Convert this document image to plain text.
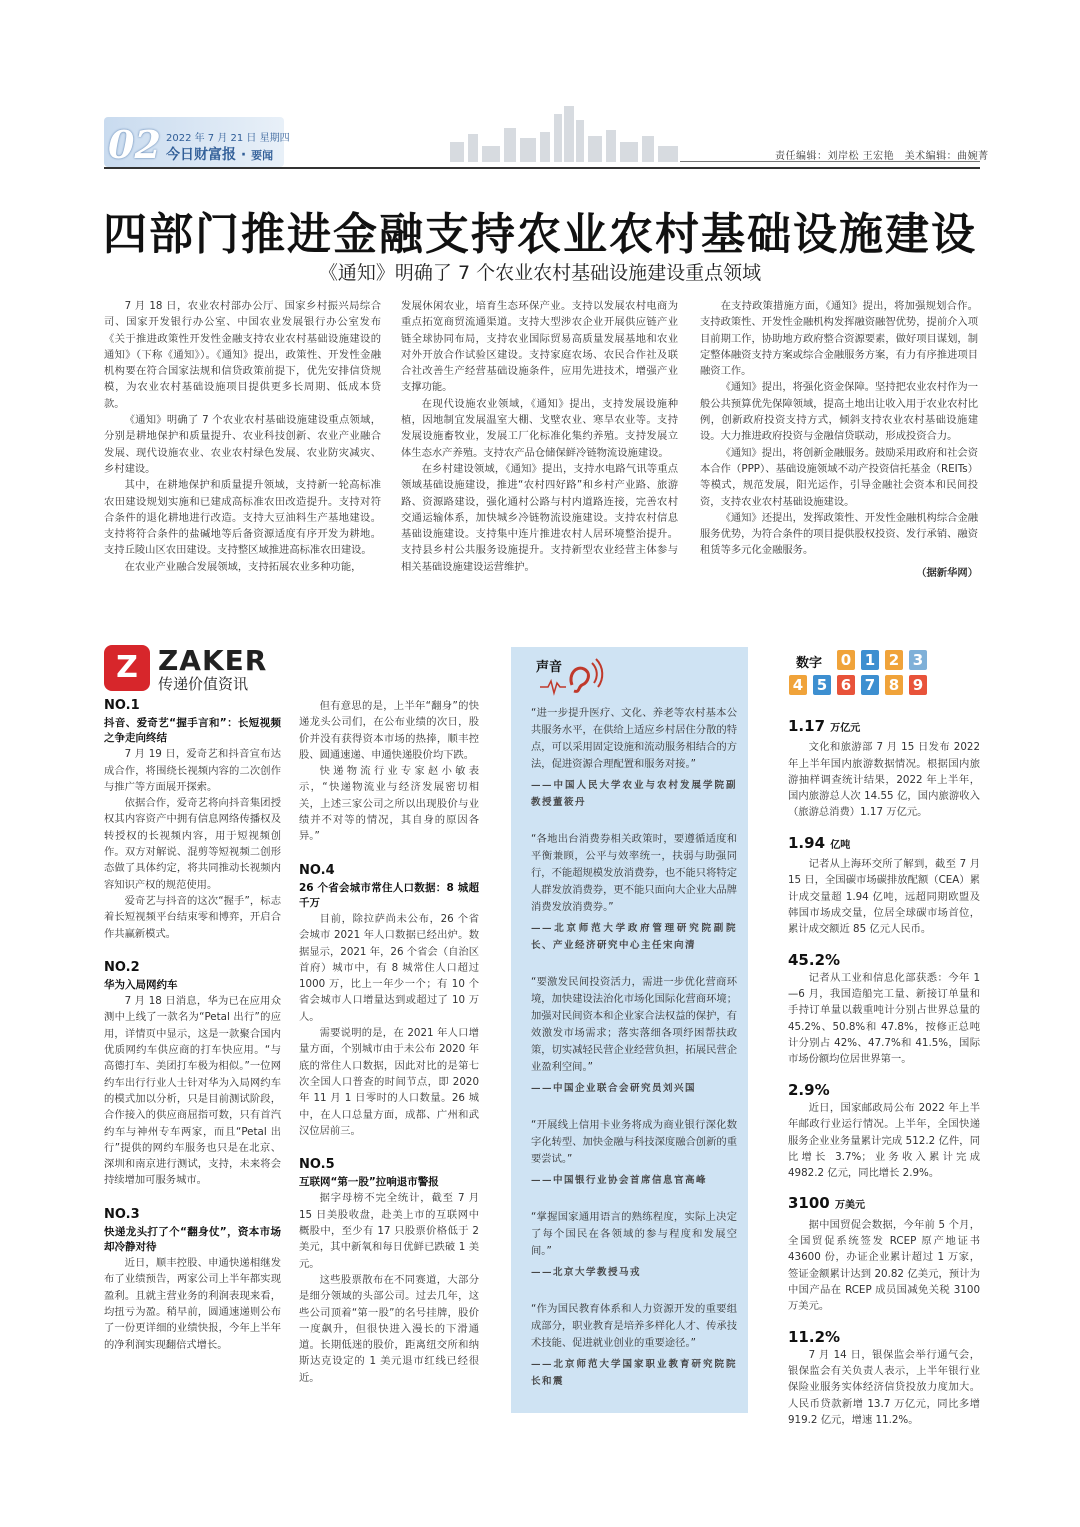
02 2022 年 7 月 21 日 星期四
今日财富报 · 要闻	责任编辑：刘岸松 王宏艳　美术编辑：曲婉菁
四部门推进金融支持农业农村基础设施建设
《通知》明确了 7 个农业农村基础设施建设重点领域

7 月 18 日，农业农村部办公厅、国家乡村振兴局综合司、国家开发银行办公室、中国农业发展银行办公室发布《关于推进政策性开发性金融支持农业农村基础设施建设的通知》（下称《通知》）。《通知》提出，政策性、开发性金融机构要在符合国家法规和信贷政策前提下，优先安排信贷规模，为农业农村基础设施项目提供更多长周期、低成本贷款。

《通知》明确了 7 个农业农村基础设施建设重点领域，分别是耕地保护和质量提升、农业科技创新、农业产业融合发展、现代设施农业、农业农村绿色发展、农业防灾减灾、乡村建设。

其中，在耕地保护和质量提升领域，支持新一轮高标准农田建设规划实施和已建成高标准农田改造提升。支持对符合条件的退化耕地进行改造。支持大豆油料生产基地建设。支持将符合条件的盐碱地等后备资源适度有序开发为耕地。支持丘陵山区农田建设。支持整区域推进高标准农田建设。

在农业产业融合发展领域，支持拓展农业多种功能，

发展休闲农业，培育生态环保产业。支持以发展农村电商为重点拓宽商贸流通渠道。支持大型涉农企业开展供应链产业链全球协同布局，支持农业国际贸易高质量发展基地和农业对外开放合作试验区建设。支持家庭农场、农民合作社及联合社改善生产经营基础设施条件，应用先进技术，增强产业支撑功能。

在现代设施农业领域，《通知》提出，支持发展设施种植，因地制宜发展温室大棚、戈壁农业、寒旱农业等。支持发展设施畜牧业，发展工厂化标准化集约养殖。支持发展立体生态水产养殖。支持农产品仓储保鲜冷链物流设施建设。

在乡村建设领域，《通知》提出，支持水电路气讯等重点领域基础设施建设，推进“农村四好路”和乡村产业路、旅游路、资源路建设，强化通村公路与村内道路连接，完善农村交通运输体系，加快城乡冷链物流设施建设。支持农村信息基础设施建设。支持集中连片推进农村人居环境整治提升。支持县乡村公共服务设施提升。支持新型农业经营主体参与相关基础设施建设运营维护。

在支持政策措施方面，《通知》提出，将加强规划合作。支持政策性、开发性金融机构发挥融资融智优势，提前介入项目前期工作，协助地方政府整合资源要素，做好项目谋划，制定整体融资支持方案或综合金融服务方案，有力有序推进项目融资工作。

《通知》提出，将强化资金保障。坚持把农业农村作为一般公共预算优先保障领域，提高土地出让收入用于农业农村比例，创新政府投资支持方式，倾斜支持农业农村基础设施建设。大力推进政府投资与金融信贷联动，形成投资合力。

《通知》提出，将创新金融服务。鼓励采用政府和社会资本合作（PPP）、基础设施领域不动产投资信托基金（REITs）等模式，规范发展，阳光运作，引导金融社会资本和民间投资，支持农业农村基础设施建设。

《通知》还提出，发挥政策性、开发性金融机构综合金融服务优势，为符合条件的项目提供股权投资、发行承销、融资租赁等多元化金融服务。

（据新华网）
Z ZAKER
传递价值资讯
NO.1
抖音、爱奇艺“握手言和”：长短视频之争走向终结

7 月 19 日，爱奇艺和抖音宣布达成合作，将围绕长视频内容的二次创作与推广等方面展开探索。

依据合作，爱奇艺将向抖音集团授权其内容资产中拥有信息网络传播权及转授权的长视频内容，用于短视频创作。双方对解说、混剪等短视频二创形态做了具体约定，将共同推动长视频内容知识产权的规范使用。

爱奇艺与抖音的这次“握手”，标志着长短视频平台结束零和博弈，开启合作共赢新模式。

NO.2
华为入局网约车

7 月 18 日消息，华为已在应用众测中上线了一款名为“Petal 出行”的应用，详情页中显示，这是一款聚合国内优质网约车供应商的打车快应用。“与高德打车、美团打车极为相似。”一位网约车出行行业人士针对华为入局网约车的模式加以分析，只是目前测试阶段，合作接入的供应商屈指可数，只有首汽约车与神州专车两家，而且“Petal 出行”提供的网约车服务也只是在北京、深圳和南京进行测试，支持，未来将会持续增加可服务城市。

NO.3
快递龙头打了个“翻身仗”，资本市场却冷静对待

近日，顺丰控股、申通快递相继发布了业绩预告，两家公司上半年都实现盈利。且就主营业务的利润表现来看，均扭亏为盈。稍早前，圆通速递则公布了一份更详细的业绩快报，今年上半年的净利润实现翻倍式增长。

但有意思的是，上半年“翻身”的快递龙头公司们，在公布业绩的次日，股价并没有获得资本市场的热捧，顺丰控股、圆通速递、申通快递股价均下跌。

快递物流行业专家赵小敏表示，“快递物流业与经济发展密切相关，上述三家公司之所以出现股价与业绩并不对等的情况，其自身的原因各异。”

NO.4
26 个省会城市常住人口数据：8 城超千万

目前，除拉萨尚未公布，26 个省会城市 2021 年人口数据已经出炉。数据显示，2021 年，26 个省会（自治区首府）城市中，有 8 城常住人口超过 1000 万，比上一年少一个；有 10 个省会城市人口增量达到或超过了 10 万人。

需要说明的是，在 2021 年人口增量方面，个别城市由于未公布 2020 年底的常住人口数据，因此对比的是第七次全国人口普查的时间节点，即 2020 年 11 月 1 日零时的人口数量。26 城中，在人口总量方面，成都、广州和武汉位居前三。

NO.5
互联网“第一股”拉响退市警报

据字母榜不完全统计，截至 7 月 15 日美股收盘，赴美上市的互联网中概股中，至少有 17 只股票价格低于 2 美元，其中新氧和每日优鲜已跌破 1 美元。

这些股票散布在不同赛道，大部分是细分领域的头部公司。过去几年，这些公司顶着“第一股”的名号挂牌，股价一度飙升，但很快进入漫长的下滑通道。长期低迷的股价，距离纽交所和纳斯达克设定的 1 美元退市红线已经很近。

声音

“进一步提升医疗、文化、养老等农村基本公共服务水平，在供给上适应乡村居住分散的特点，可以采用固定设施和流动服务相结合的方法，促进资源合理配置和服务对接。”

——中国人民大学农业与农村发展学院副教授董筱丹

“各地出台消费券相关政策时，要遵循适度和平衡兼顾，公平与效率统一，扶弱与助强同行，不能超规模发放消费券，也不能只将特定人群发放消费券，更不能只面向大企业大品牌消费发放消费券。”

——北京师范大学政府管理研究院副院长、产业经济研究中心主任宋向清

“要激发民间投资活力，需进一步优化营商环境，加快建设法治化市场化国际化营商环境；加强对民间资本和企业家合法权益的保护，有效激发市场需求；落实落细各项纾困帮扶政策，切实减轻民营企业经营负担，拓展民营企业盈利空间。”

——中国企业联合会研究员刘兴国

“开展线上信用卡业务将成为商业银行深化数字化转型、加快金融与科技深度融合创新的重要尝试。”

——中国银行业协会首席信息官高峰

“掌握国家通用语言的熟练程度，实际上决定了每个国民在各领域的参与程度和发展空间。”

——北京大学教授马戎

“作为国民教育体系和人力资源开发的重要组成部分，职业教育是培养多样化人才、传承技术技能、促进就业创业的重要途径。”

——北京师范大学国家职业教育研究院院长和震

数字 0 1 2 3
4 5 6 7 8 9
1.17 万亿元

文化和旅游部 7 月 15 日发布 2022 年上半年国内旅游数据情况。根据国内旅游抽样调查统计结果，2022 年上半年，国内旅游总人次 14.55 亿，国内旅游收入（旅游总消费）1.17 万亿元。

1.94 亿吨

记者从上海环交所了解到，截至 7 月 15 日，全国碳市场碳排放配额（CEA）累计成交量超 1.94 亿吨，远超同期欧盟及韩国市场成交量，位居全球碳市场首位，累计成交额近 85 亿元人民币。

45.2%

记者从工业和信息化部获悉：今年 1—6 月，我国造船完工量、新接订单量和手持订单量以载重吨计分别占世界总量的 45.2%、50.8%和 47.8%，按修正总吨计分别占 42%、47.7%和 41.5%，国际市场份额均位居世界第一。

2.9%

近日，国家邮政局公布 2022 年上半年邮政行业运行情况。上半年，全国快递服务企业业务量累计完成 512.2 亿件，同比增长 3.7%；业务收入累计完成 4982.2 亿元，同比增长 2.9%。

3100 万美元

据中国贸促会数据，今年前 5 个月，全国贸促系统签发 RCEP 原产地证书 43600 份，办证企业累计超过 1 万家，签证金额累计达到 20.82 亿美元，预计为中国产品在 RCEP 成员国减免关税 3100 万美元。

11.2%

7 月 14 日，银保监会举行通气会，银保监会有关负责人表示，上半年银行业保险业服务实体经济信贷投放力度加大。人民币贷款新增 13.7 万亿元，同比多增 919.2 亿元，增速 11.2%。
